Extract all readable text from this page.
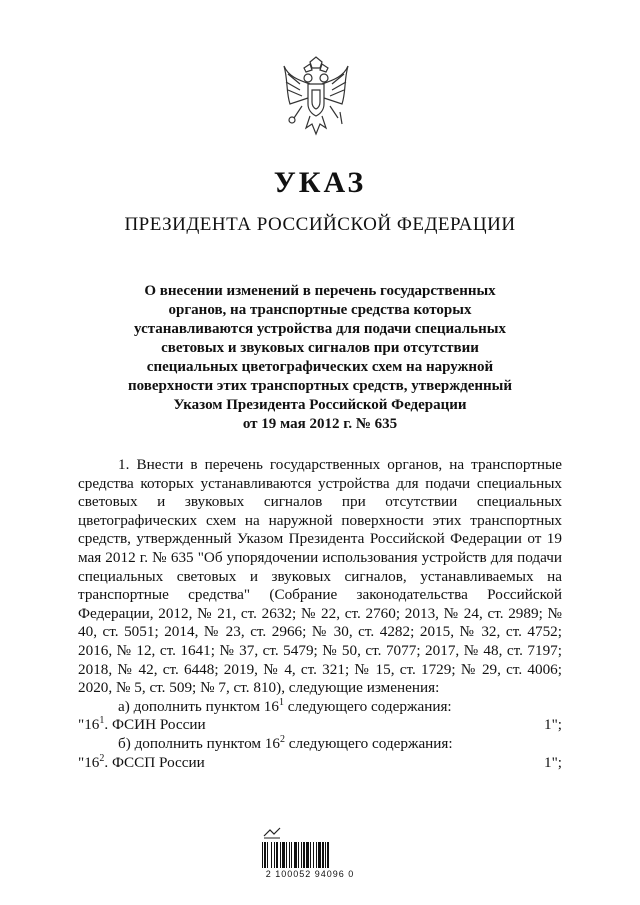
УКАЗ
ПРЕЗИДЕНТА РОССИЙСКОЙ ФЕДЕРАЦИИ
О внесении изменений в перечень государственных
органов, на транспортные средства которых
устанавливаются устройства для подачи специальных
световых и звуковых сигналов при отсутствии
специальных цветографических схем на наружной
поверхности этих транспортных средств, утвержденный
Указом Президента Российской Федерации
от 19 мая 2012 г. № 635

1. Внести в перечень государственных органов, на транспортные средства которых устанавливаются устройства для подачи специальных световых и звуковых сигналов при отсутствии специальных цветографических схем на наружной поверхности этих транспортных средств, утвержденный Указом Президента Российской Федерации от 19 мая 2012 г. № 635 "Об упорядочении использования устройств для подачи специальных световых и звуковых сигналов, устанавливаемых на транспортные средства" (Собрание законодательства Российской Федерации, 2012, № 21, ст. 2632; № 22, ст. 2760; 2013, № 24, ст. 2989; № 40, ст. 5051; 2014, № 23, ст. 2966; № 30, ст. 4282; 2015, № 32, ст. 4752; 2016, № 12, ст. 1641; № 37, ст. 5479; № 50, ст. 7077; 2017, № 48, ст. 7197; 2018, № 42, ст. 6448; 2019, № 4, ст. 321; № 15, ст. 1729; № 29, ст. 4006; 2020, № 5, ст. 509; № 7, ст. 810), следующие изменения:

а) дополнить пунктом $16^1$ следующего содержания:

"$16^1$. ФСИН России	1";

б) дополнить пунктом $16^2$ следующего содержания:

"$16^2$. ФССП России	1";
2 100052 94096 0
